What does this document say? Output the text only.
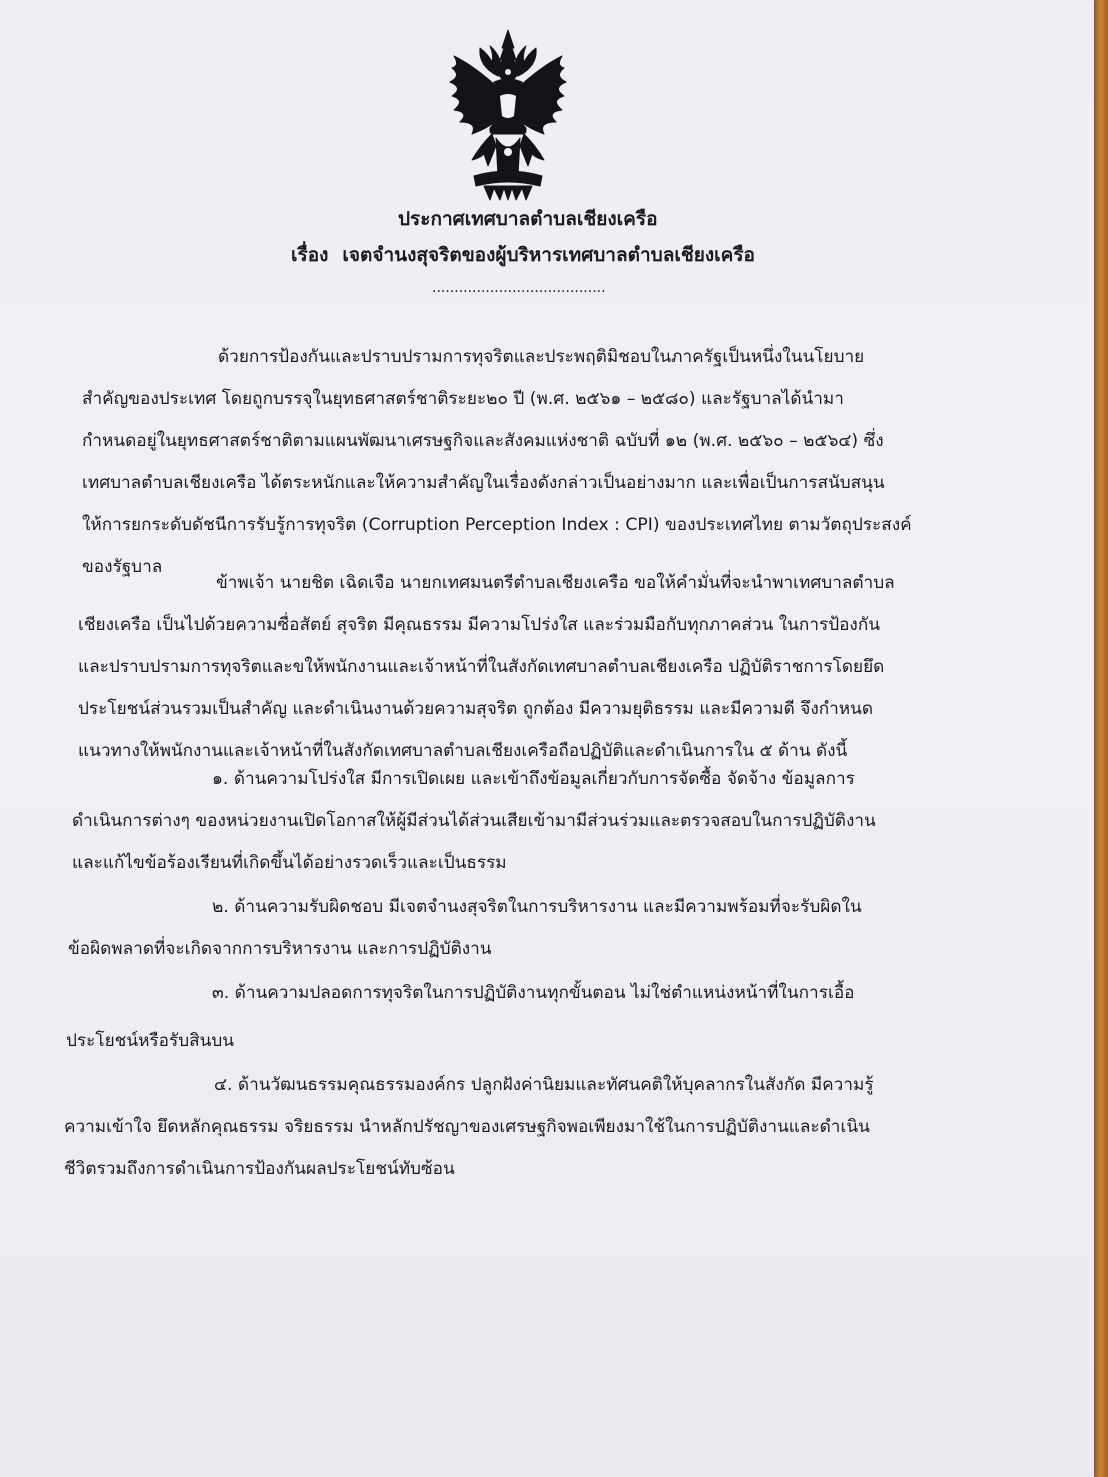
ประกาศเทศบาลตำบลเชียงเครือ
เรื่อง เจตจำนงสุจริตของผู้บริหารเทศบาลตำบลเชียงเครือ
.......................................
ด้วยการป้องกันและปราบปรามการทุจริตและประพฤติมิชอบในภาครัฐเป็นหนึ่งในนโยบาย
สำคัญของประเทศ โดยถูกบรรจุในยุทธศาสตร์ชาติระยะ๒๐ ปี (พ.ศ. ๒๕๖๑ – ๒๕๘๐) และรัฐบาลได้นำมา
กำหนดอยู่ในยุทธศาสตร์ชาติตามแผนพัฒนาเศรษฐกิจและสังคมแห่งชาติ ฉบับที่ ๑๒ (พ.ศ. ๒๕๖๐ – ๒๕๖๔) ซึ่ง
เทศบาลตำบลเชียงเครือ ได้ตระหนักและให้ความสำคัญในเรื่องดังกล่าวเป็นอย่างมาก และเพื่อเป็นการสนับสนุน
ให้การยกระดับดัชนีการรับรู้การทุจริต (Corruption Perception Index : CPI) ของประเทศไทย ตามวัตถุประสงค์
ของรัฐบาล
ข้าพเจ้า นายชิต เฉิดเจือ นายกเทศมนตรีตำบลเชียงเครือ ขอให้คำมั่นที่จะนำพาเทศบาลตำบล
เชียงเครือ เป็นไปด้วยความซื่อสัตย์ สุจริต มีคุณธรรม มีความโปร่งใส และร่วมมือกับทุกภาคส่วน ในการป้องกัน
และปราบปรามการทุจริตและขให้พนักงานและเจ้าหน้าที่ในสังกัดเทศบาลตำบลเชียงเครือ ปฏิบัติราชการโดยยึด
ประโยชน์ส่วนรวมเป็นสำคัญ และดำเนินงานด้วยความสุจริต ถูกต้อง มีความยุติธรรม และมีความดี จึงกำหนด
แนวทางให้พนักงานและเจ้าหน้าที่ในสังกัดเทศบาลตำบลเชียงเครือถือปฏิบัติและดำเนินการใน ๕ ด้าน ดังนี้
๑. ด้านความโปร่งใส มีการเปิดเผย และเข้าถึงข้อมูลเกี่ยวกับการจัดซื้อ จัดจ้าง ข้อมูลการ
ดำเนินการต่างๆ ของหน่วยงานเปิดโอกาสให้ผู้มีส่วนได้ส่วนเสียเข้ามามีส่วนร่วมและตรวจสอบในการปฏิบัติงาน
และแก้ไขข้อร้องเรียนที่เกิดขึ้นได้อย่างรวดเร็วและเป็นธรรม
๒. ด้านความรับผิดชอบ มีเจตจำนงสุจริตในการบริหารงาน และมีความพร้อมที่จะรับผิดใน
ข้อผิดพลาดที่จะเกิดจากการบริหารงาน และการปฏิบัติงาน
๓. ด้านความปลอดการทุจริตในการปฏิบัติงานทุกขั้นตอน ไม่ใช่ตำแหน่งหน้าที่ในการเอื้อ
ประโยชน์หรือรับสินบน
๔. ด้านวัฒนธรรมคุณธรรมองค์กร ปลูกฝังค่านิยมและทัศนคติให้บุคลากรในสังกัด มีความรู้
ความเข้าใจ ยึดหลักคุณธรรม จริยธรรม นำหลักปรัชญาของเศรษฐกิจพอเพียงมาใช้ในการปฏิบัติงานและดำเนิน
ชีวิตรวมถึงการดำเนินการป้องกันผลประโยชน์ทับซ้อน
